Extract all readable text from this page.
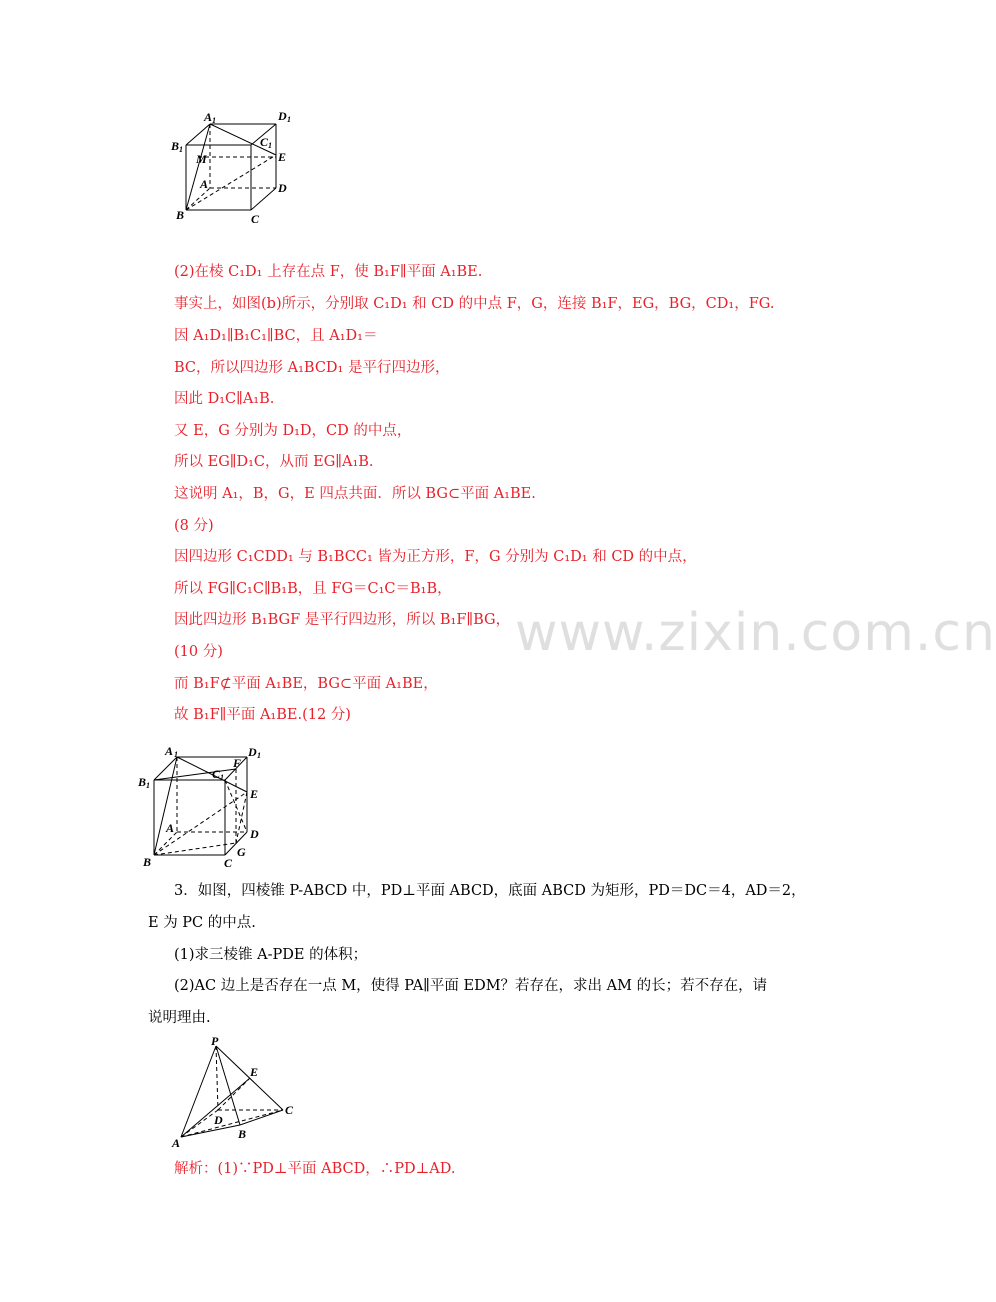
A 1	D 1
B 1
C 1
M	E
A	D
B	C
(2)在棱 C₁D₁ 上存在点 F，使 B₁F∥平面 A₁BE.
事实上，如图(b)所示，分别取 C₁D₁ 和 CD 的中点 F，G，连接 B₁F，EG，BG，CD₁，FG.
因 A₁D₁∥B₁C₁∥BC，且 A₁D₁＝
BC，所以四边形 A₁BCD₁ 是平行四边形，
因此 D₁C∥A₁B.
又 E，G 分别为 D₁D，CD 的中点，
所以 EG∥D₁C，从而 EG∥A₁B.
这说明 A₁，B，G，E 四点共面．所以 BG⊂平面 A₁BE.
(8 分)
因四边形 C₁CDD₁ 与 B₁BCC₁ 皆为正方形，F，G 分别为 C₁D₁ 和 CD 的中点，
所以 FG∥C₁C∥B₁B，且 FG＝C₁C＝B₁B，
因此四边形 B₁BGF 是平行四边形，所以 B₁F∥BG，
(10 分)
而 B₁F⊄平面 A₁BE，BG⊂平面 A₁BE，
故 B₁F∥平面 A₁BE.(12 分)
www.zixin.com.cn
A 1	D 1
F
C 1
B 1
E
A	D
G
B	C
3．如图，四棱锥 P-ABCD 中，PD⊥平面 ABCD，底面 ABCD 为矩形，PD＝DC＝4，AD＝2，
E 为 PC 的中点.
(1)求三棱锥 A-PDE 的体积；
(2)AC 边上是否存在一点 M，使得 PA∥平面 EDM？若存在，求出 AM 的长；若不存在，请
说明理由.
P
E
D
C
A
B
解析：(1)∵PD⊥平面 ABCD，∴PD⊥AD.
